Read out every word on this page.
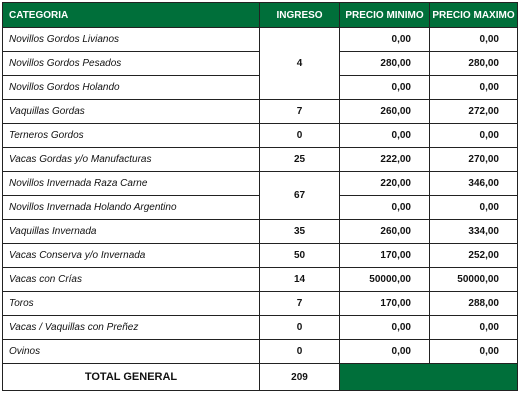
CATEGORIA	INGRESO	PRECIO MINIMO	PRECIO MAXIMO
Novillos Gordos Livianos	4	0,00	0,00
Novillos Gordos Pesados		280,00	280,00
Novillos Gordos Holando		0,00	0,00
Vaquillas Gordas	7	260,00	272,00
Terneros Gordos	0	0,00	0,00
Vacas Gordas y/o Manufacturas	25	222,00	270,00
Novillos Invernada Raza Carne	67	220,00	346,00
Novillos Invernada Holando Argentino		0,00	0,00
Vaquillas Invernada	35	260,00	334,00
Vacas Conserva y/o Invernada	50	170,00	252,00
Vacas con Crías	14	50000,00	50000,00
Toros	7	170,00	288,00
Vacas / Vaquillas con Preñez	0	0,00	0,00
Ovinos	0	0,00	0,00
TOTAL GENERAL	209		
